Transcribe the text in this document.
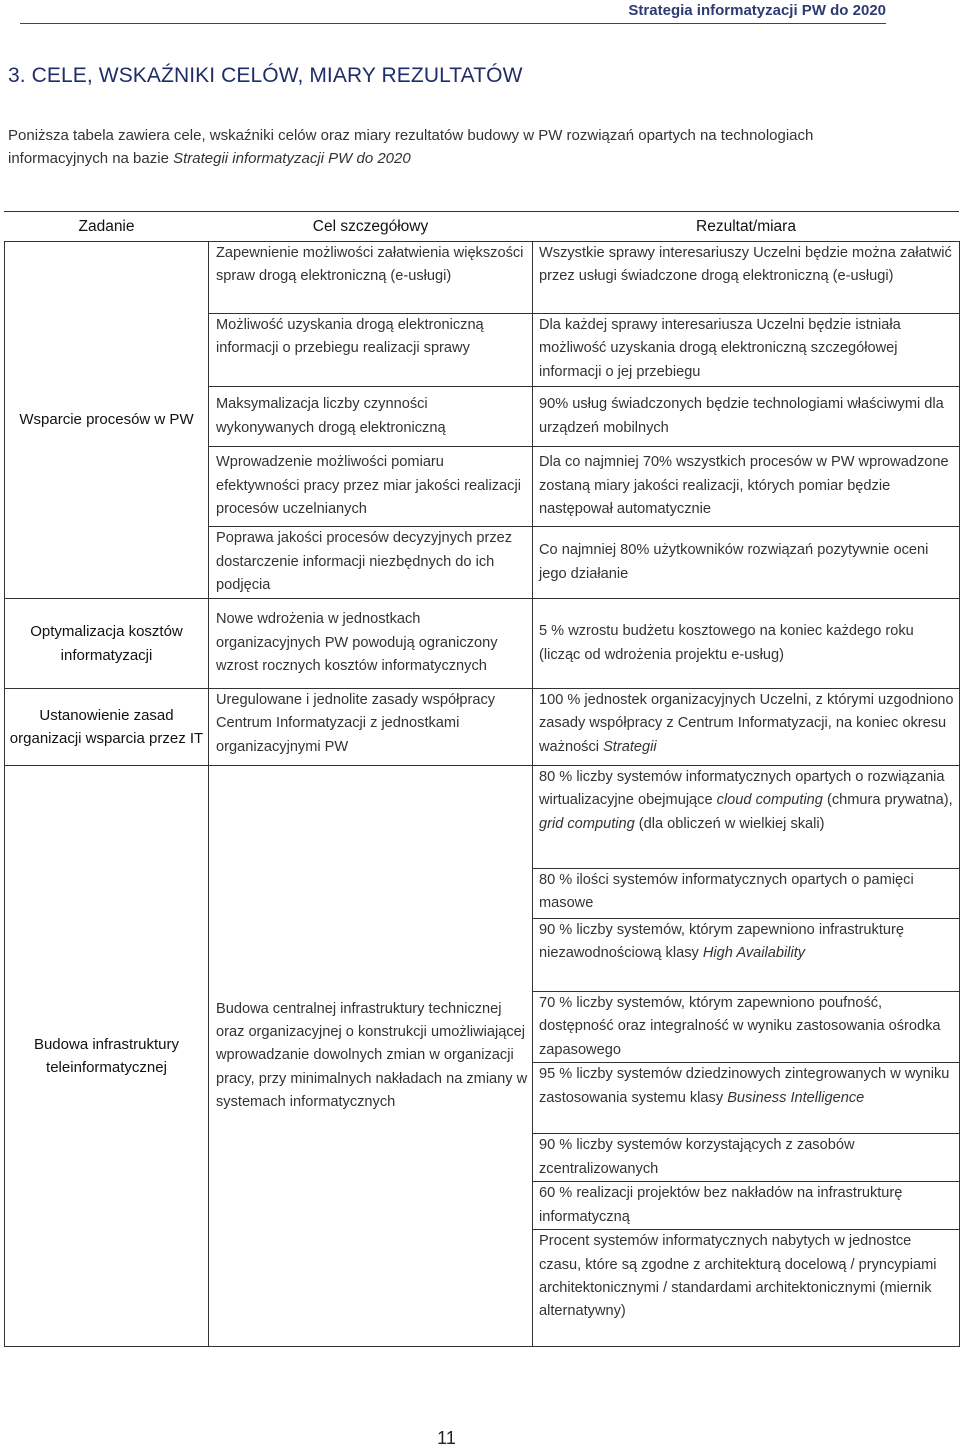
Strategia informatyzacji PW do 2020
3. CELE, WSKAŹNIKI CELÓW, MIARY REZULTATÓW

Poniższa tabela zawiera cele, wskaźniki celów oraz miary rezultatów budowy w PW rozwiązań opartych na technologiach informacyjnych na bazie Strategii informatyzacji PW do 2020

Zadanie	Cel szczegółowy	Rezultat/miara
Wsparcie procesów w PW	Zapewnienie możliwości załatwienia większości spraw drogą elektroniczną (e-usługi)	Wszystkie sprawy interesariuszy Uczelni będzie można załatwić przez usługi świadczone drogą elektroniczną (e-usługi)
	Możliwość uzyskania drogą elektroniczną informacji o przebiegu realizacji sprawy	Dla każdej sprawy interesariusza Uczelni będzie istniała możliwość uzyskania drogą elektroniczną szczegółowej informacji o jej przebiegu
	Maksymalizacja liczby czynności wykonywanych drogą elektroniczną	90% usług świadczonych będzie technologiami właściwymi dla urządzeń mobilnych
	Wprowadzenie możliwości pomiaru efektywności pracy przez miar jakości realizacji procesów uczelnianych	Dla co najmniej 70% wszystkich procesów w PW wprowadzone zostaną miary jakości realizacji, których pomiar będzie następował automatycznie
	Poprawa jakości procesów decyzyjnych przez dostarczenie informacji niezbędnych do ich podjęcia	Co najmniej 80% użytkowników rozwiązań pozytywnie oceni jego działanie
Optymalizacja kosztów informatyzacji	Nowe wdrożenia w jednostkach organizacyjnych PW powodują ograniczony wzrost rocznych kosztów informatycznych	5 % wzrostu budżetu kosztowego na koniec każdego roku (licząc od wdrożenia projektu e-usług)
Ustanowienie zasad organizacji wsparcia przez IT	Uregulowane i jednolite zasady współpracy Centrum Informatyzacji z jednostkami organizacyjnymi PW	100 % jednostek organizacyjnych Uczelni, z którymi uzgodniono zasady współpracy z Centrum Informatyzacji, na koniec okresu ważności Strategii
Budowa infrastruktury teleinformatycznej	Budowa centralnej infrastruktury technicznej oraz organizacyjnej o konstrukcji umożliwiającej wprowadzanie dowolnych zmian w organizacji pracy, przy minimalnych nakładach na zmiany w systemach informatycznych	80 % liczby systemów informatycznych opartych o rozwiązania wirtualizacyjne obejmujące cloud computing (chmura prywatna), grid computing (dla obliczeń w wielkiej skali)
		80 % ilości systemów informatycznych opartych o pamięci masowe
		90 % liczby systemów, którym zapewniono infrastrukturę niezawodnościową klasy High Availability
		70 % liczby systemów, którym zapewniono poufność, dostępność oraz integralność w wyniku zastosowania ośrodka zapasowego
		95 % liczby systemów dziedzinowych zintegrowanych w wyniku zastosowania systemu klasy Business Intelligence
		90 % liczby systemów korzystających z zasobów zcentralizowanych
		60 % realizacji projektów bez nakładów na infrastrukturę informatyczną
		Procent systemów informatycznych nabytych w jednostce czasu, które są zgodne z architekturą docelową / pryncypiami architektonicznymi / standardami architektonicznymi (miernik alternatywny)
11
